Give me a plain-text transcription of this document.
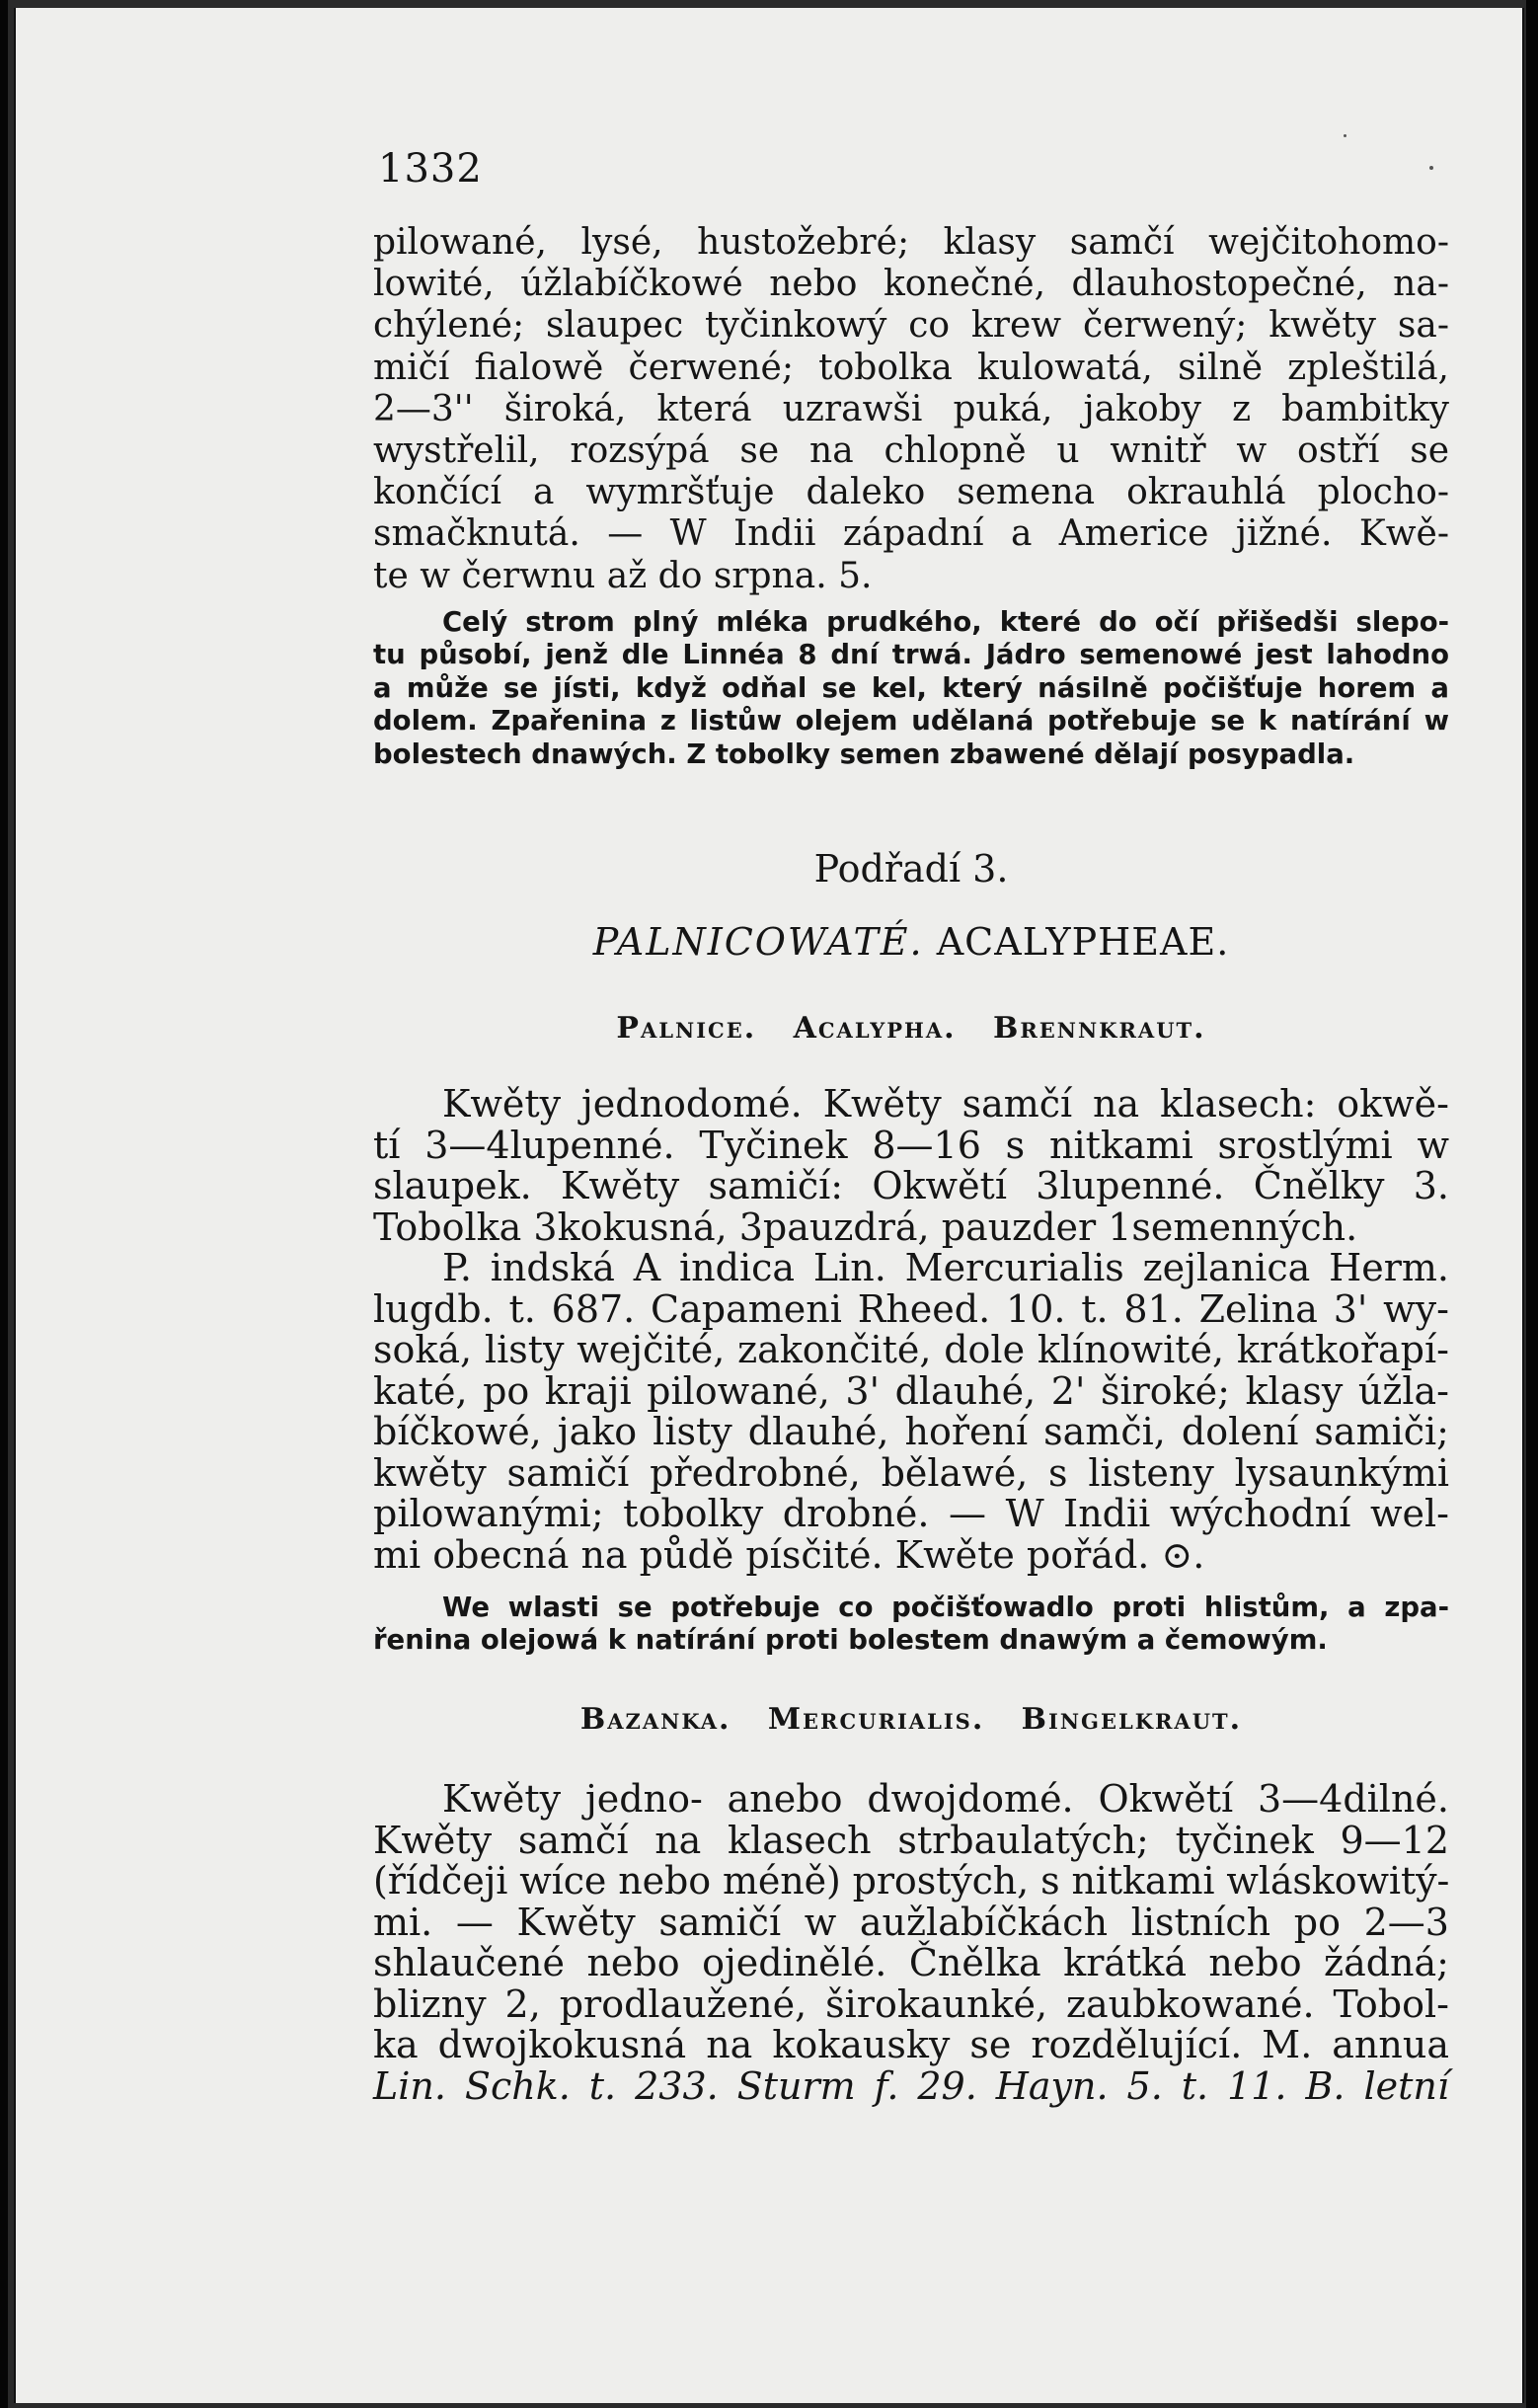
1332
pilowané, lysé, hustožebré; klasy samčí wejčitohomo-
lowité, úžlabíčkowé nebo konečné, dlauhostopečné, na-
chýlené; slaupec tyčinkowý co krew čerwený; kwěty sa-
mičí fialowě čerwené; tobolka kulowatá, silně zpleštilá,
2—3'' široká, která uzrawši puká, jakoby z bambitky
wystřelil, rozsýpá se na chlopně u wnitř w ostří se
končící a wymršťuje daleko semena okrauhlá plocho-
smačknutá. — W Indii západní a Americe jižné. Kwě-
te w čerwnu až do srpna. 5.
Celý strom plný mléka prudkého, které do očí přišedši slepo-
tu působí, jenž dle Linnéa 8 dní trwá. Jádro semenowé jest lahodno
a může se jísti, když odňal se kel, který násilně počišťuje horem a
dolem. Zpařenina z listůw olejem udělaná potřebuje se k natírání w
bolestech dnawých. Z tobolky semen zbawené dělají posypadla.
Podřadí 3.
PALNICOWATÉ. ACALYPHEAE.
Palnice. Acalypha. Brennkraut.
Kwěty jednodomé. Kwěty samčí na klasech: okwě-
tí 3—4lupenné. Tyčinek 8—16 s nitkami srostlými w
slaupek. Kwěty samičí: Okwětí 3lupenné. Čnělky 3.
Tobolka 3kokusná, 3pauzdrá, pauzder 1semenných.
P. indská A indica Lin. Mercurialis zejlanica Herm.
lugdb. t. 687. Capameni Rheed. 10. t. 81. Zelina 3' wy-
soká, listy wejčité, zakončité, dole klínowité, krátkořapí-
katé, po kraji pilowané, 3' dlauhé, 2' široké; klasy úžla-
bíčkowé, jako listy dlauhé, hoření samči, dolení samiči;
kwěty samičí předrobné, bělawé, s listeny lysaunkými
pilowanými; tobolky drobné. — W Indii wýchodní wel-
mi obecná na půdě písčité. Kwěte pořád. ⊙.
We wlasti se potřebuje co počišťowadlo proti hlistům, a zpa-
řenina olejowá k natírání proti bolestem dnawým a čemowým.
Bazanka. Mercurialis. Bingelkraut.
Kwěty jedno- anebo dwojdomé. Okwětí 3—4dilné.
Kwěty samčí na klasech strbaulatých; tyčinek 9—12
(řídčeji wíce nebo méně) prostých, s nitkami wláskowitý-
mi. — Kwěty samičí w aužlabíčkách listních po 2—3
shlaučené nebo ojedinělé. Čnělka krátká nebo žádná;
blizny 2, prodlaužené, širokaunké, zaubkowané. Tobol-
ka dwojkokusná na kokausky se rozdělující. M. annua
Lin. Schk. t. 233. Sturm f. 29. Hayn. 5. t. 11. B. letní
